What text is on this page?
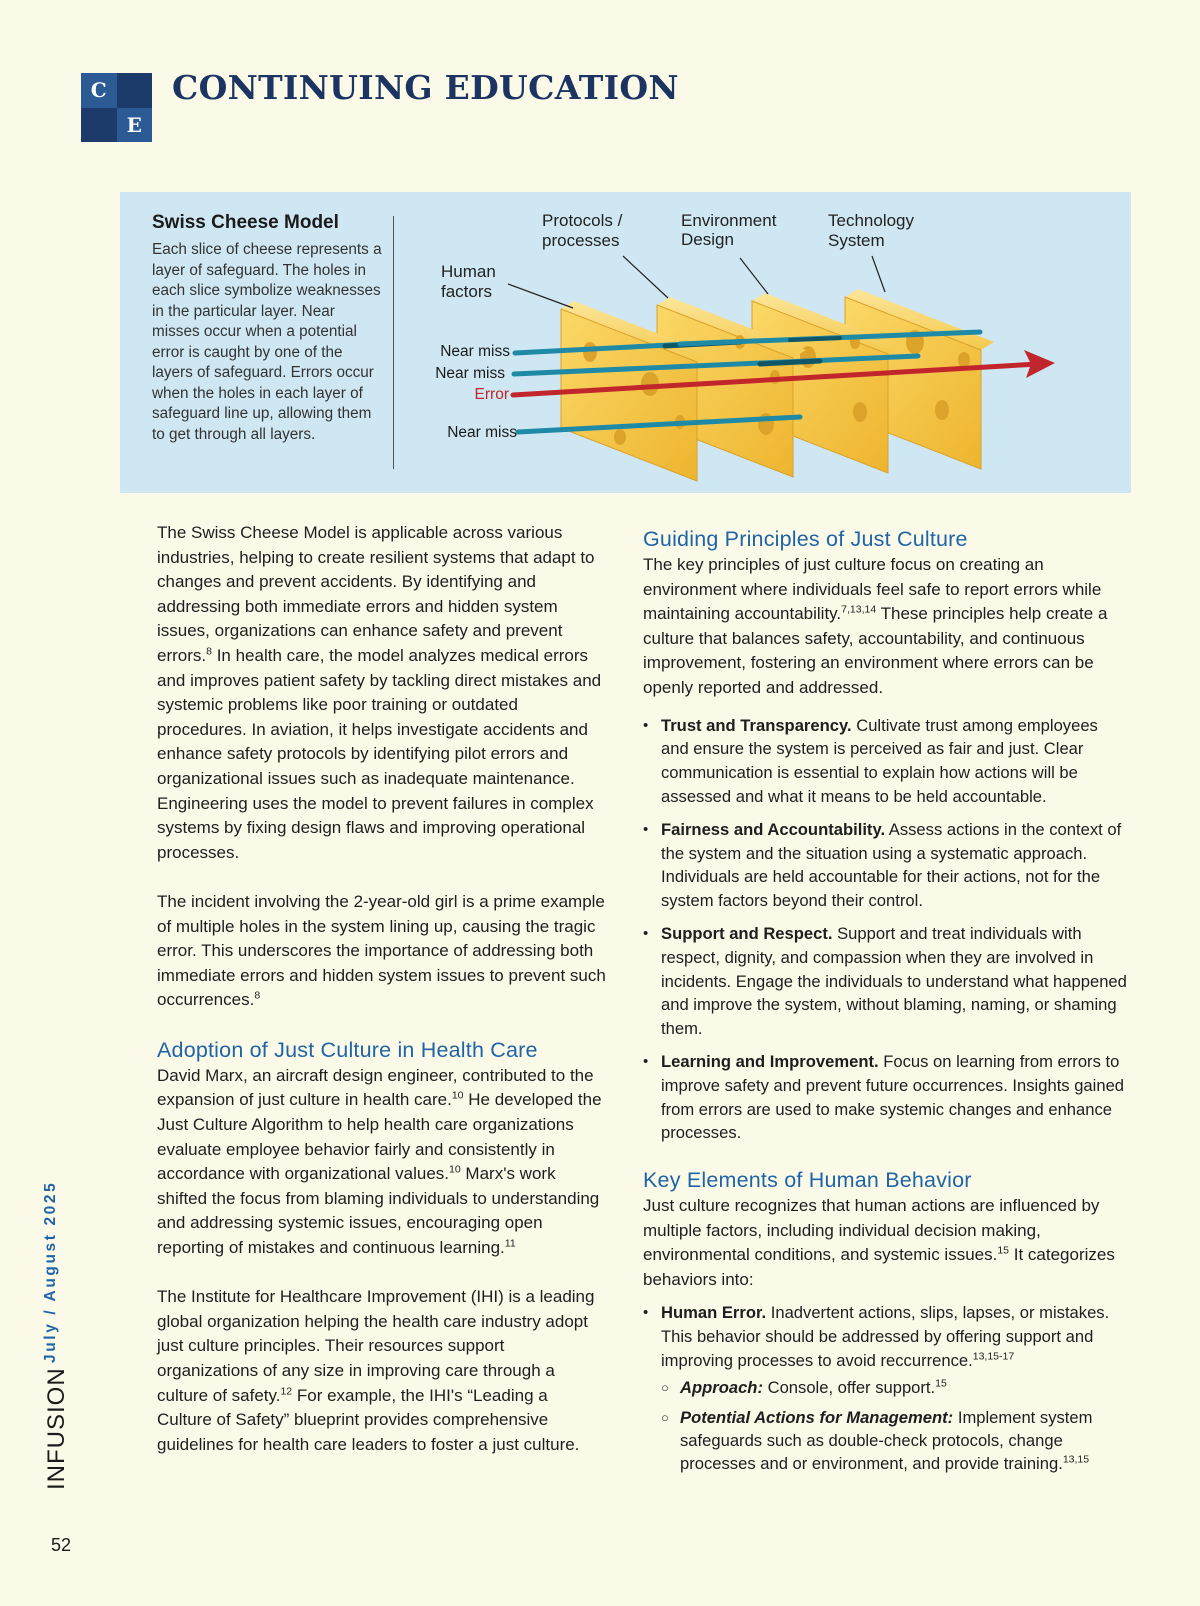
C
E
CONTINUING EDUCATION
Swiss Cheese Model

Each slice of cheese represents a layer of safeguard. The holes in each slice symbolize weaknesses in the particular layer. Near misses occur when a potential error is caught by one of the layers of safeguard. Errors occur when the holes in each layer of safeguard line up, allowing them to get through all layers.

Human factors
Protocols / processes
Environment Design
Technology System
Near miss
Near miss
Error
Near miss

The Swiss Cheese Model is applicable across various industries, helping to create resilient systems that adapt to changes and prevent accidents. By identifying and addressing both immediate errors and hidden system issues, organizations can enhance safety and prevent errors.$^8$ In health care, the model analyzes medical errors and improves patient safety by tackling direct mistakes and systemic problems like poor training or outdated procedures. In aviation, it helps investigate accidents and enhance safety protocols by identifying pilot errors and organizational issues such as inadequate maintenance. Engineering uses the model to prevent failures in complex systems by fixing design flaws and improving operational processes.

The incident involving the 2-year-old girl is a prime example of multiple holes in the system lining up, causing the tragic error. This underscores the importance of addressing both immediate errors and hidden system issues to prevent such occurrences.$^8$

Adoption of Just Culture in Health Care

David Marx, an aircraft design engineer, contributed to the expansion of just culture in health care.$^{10}$ He developed the Just Culture Algorithm to help health care organizations evaluate employee behavior fairly and consistently in accordance with organizational values.$^{10}$ Marx's work shifted the focus from blaming individuals to understanding and addressing systemic issues, encouraging open reporting of mistakes and continuous learning.$^{11}$

The Institute for Healthcare Improvement (IHI) is a leading global organization helping the health care industry adopt just culture principles. Their resources support organizations of any size in improving care through a culture of safety.$^{12}$ For example, the IHI's “Leading a Culture of Safety” blueprint provides comprehensive guidelines for health care leaders to foster a just culture.

Guiding Principles of Just Culture

The key principles of just culture focus on creating an environment where individuals feel safe to report errors while maintaining accountability.$^{7,13,14}$ These principles help create a culture that balances safety, accountability, and continuous improvement, fostering an environment where errors can be openly reported and addressed.

• Trust and Transparency. Cultivate trust among employees and ensure the system is perceived as fair and just. Clear communication is essential to explain how actions will be assessed and what it means to be held accountable.
• Fairness and Accountability. Assess actions in the context of the system and the situation using a systematic approach. Individuals are held accountable for their actions, not for the system factors beyond their control.
• Support and Respect. Support and treat individuals with respect, dignity, and compassion when they are involved in incidents. Engage the individuals to understand what happened and improve the system, without blaming, naming, or shaming them.
• Learning and Improvement. Focus on learning from errors to improve safety and prevent future occurrences. Insights gained from errors are used to make systemic changes and enhance processes.
Key Elements of Human Behavior

Just culture recognizes that human actions are influenced by multiple factors, including individual decision making, environmental conditions, and systemic issues.$^{15}$ It categorizes behaviors into:

• Human Error. Inadvertent actions, slips, lapses, or mistakes. This behavior should be addressed by offering support and improving processes to avoid reccurrence.$^{13,15-17}$
○ Approach: Console, offer support.$^{15}$
○ Potential Actions for Management: Implement system safeguards such as double-check protocols, change processes and or environment, and provide training.$^{13,15}$
July / August 2025
INFUSION
52
